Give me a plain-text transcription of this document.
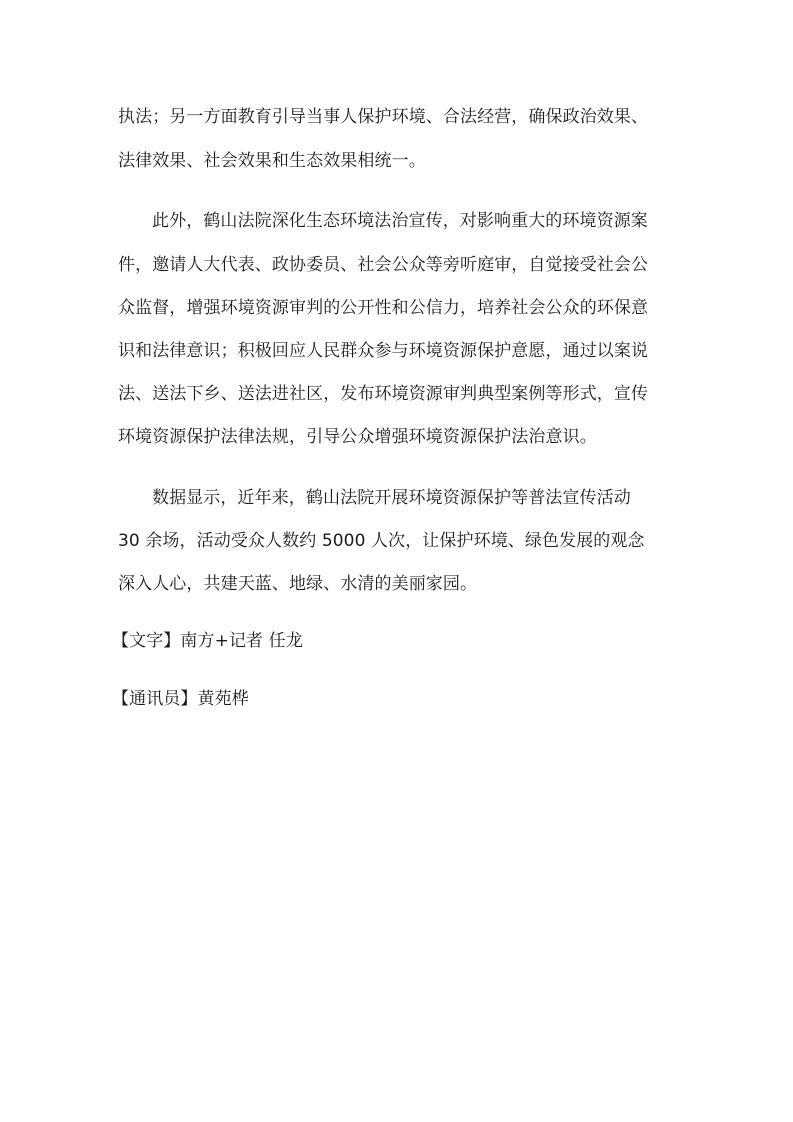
执法；另一方面教育引导当事人保护环境、合法经营，确保政治效果、
法律效果、社会效果和生态效果相统一。
此外，鹤山法院深化生态环境法治宣传，对影响重大的环境资源案
件，邀请人大代表、政协委员、社会公众等旁听庭审，自觉接受社会公
众监督，增强环境资源审判的公开性和公信力，培养社会公众的环保意
识和法律意识；积极回应人民群众参与环境资源保护意愿，通过以案说
法、送法下乡、送法进社区，发布环境资源审判典型案例等形式，宣传
环境资源保护法律法规，引导公众增强环境资源保护法治意识。
数据显示，近年来，鹤山法院开展环境资源保护等普法宣传活动
30 余场，活动受众人数约 5000 人次，让保护环境、绿色发展的观念
深入人心，共建天蓝、地绿、水清的美丽家园。
【文字】南方+记者 任龙
【通讯员】黄苑桦
